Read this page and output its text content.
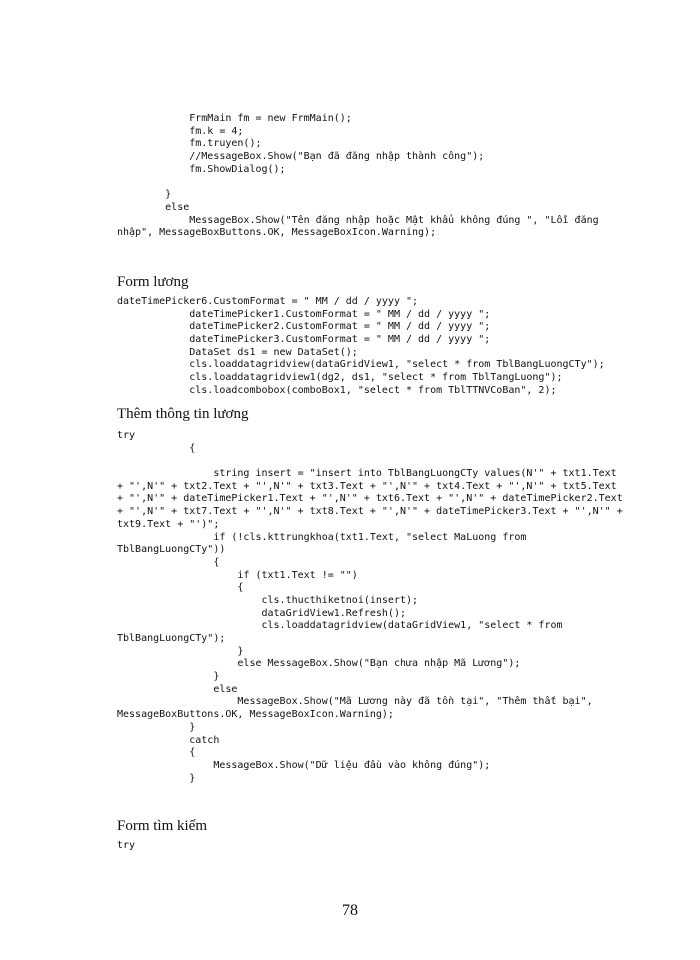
FrmMain fm = new FrmMain();
fm.k = 4;
fm.truyen();
//MessageBox.Show("Bạn đã đăng nhập thành công");
fm.ShowDialog();
}
else
MessageBox.Show("Tên đăng nhập hoặc Mật khẩu không đúng ", "Lỗi đăng
nhập", MessageBoxButtons.OK, MessageBoxIcon.Warning);
Form lương
dateTimePicker6.CustomFormat = " MM / dd / yyyy ";
dateTimePicker1.CustomFormat = " MM / dd / yyyy ";
dateTimePicker2.CustomFormat = " MM / dd / yyyy ";
dateTimePicker3.CustomFormat = " MM / dd / yyyy ";
DataSet ds1 = new DataSet();
cls.loaddatagridview(dataGridView1, "select * from TblBangLuongCTy");
cls.loaddatagridview1(dg2, ds1, "select * from TblTangLuong");
cls.loadcombobox(comboBox1, "select * from TblTTNVCoBan", 2);
Thêm thông tin lương
try
{
string insert = "insert into TblBangLuongCTy values(N'" + txt1.Text
+ "',N'" + txt2.Text + "',N'" + txt3.Text + "',N'" + txt4.Text + "',N'" + txt5.Text
+ "',N'" + dateTimePicker1.Text + "',N'" + txt6.Text + "',N'" + dateTimePicker2.Text
+ "',N'" + txt7.Text + "',N'" + txt8.Text + "',N'" + dateTimePicker3.Text + "',N'" +
txt9.Text + "')";
if (!cls.kttrungkhoa(txt1.Text, "select MaLuong from
TblBangLuongCTy"))
{
if (txt1.Text != "")
{
cls.thucthiketnoi(insert);
dataGridView1.Refresh();
cls.loaddatagridview(dataGridView1, "select * from
TblBangLuongCTy");
}
else MessageBox.Show("Bạn chưa nhập Mã Lương");
}
else
MessageBox.Show("Mã Lương này đã tồn tại", "Thêm thất bại",
MessageBoxButtons.OK, MessageBoxIcon.Warning);
}
catch
{
MessageBox.Show("Dữ liệu đầu vào không đúng");
}
Form tìm kiếm
try
78
